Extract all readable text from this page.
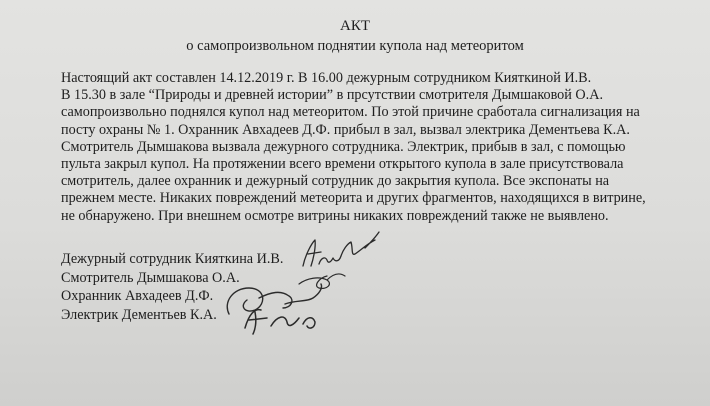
АКТ
о самопроизвольном поднятии купола над метеоритом
Настоящий акт составлен 14.12.2019 г. В 16.00 дежурным сотрудником Кияткиной И.В.
В 15.30 в зале “Природы и древней истории” в прсутствии смотрителя Дымшаковой О.А.
самопроизвольно поднялся купол над метеоритом. По этой причине сработала сигнализация на
посту охраны № 1. Охранник Авхадеев Д.Ф. прибыл в зал, вызвал электрика Дементьева К.А.
Смотритель Дымшакова вызвала дежурного сотрудника. Электрик, прибыв в зал, с помощью
пульта закрыл купол. На протяжении всего времени открытого купола в зале присутствовала
смотритель, далее охранник и дежурный сотрудник до закрытия купола. Все экспонаты на
прежнем месте. Никаких повреждений метеорита и других фрагментов, находящихся в витрине,
не обнаружено. При внешнем осмотре витрины никаких повреждений также не выявлено.
Дежурный сотрудник Кияткина И.В.
Смотритель Дымшакова О.А.
Охранник Авхадеев Д.Ф.
Электрик Дементьев К.А.
